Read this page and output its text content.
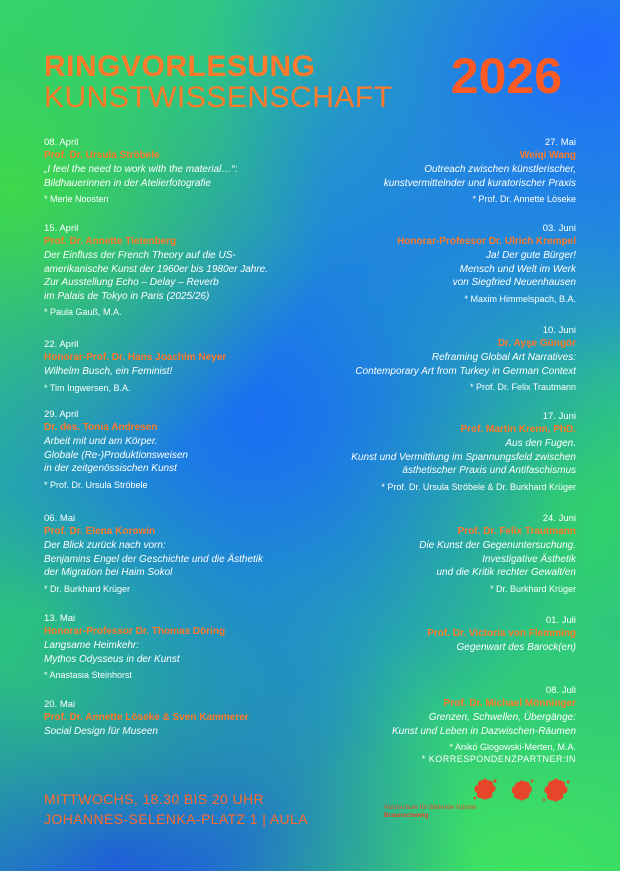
RINGVORLESUNG
KUNSTWISSENSCHAFT 2026
08. April
Prof. Dr. Ursula Ströbele
„I feel the need to work with the material…“:
Bildhauerinnen in der Atelierfotografie
* Merle Noosten
15. April
Prof. Dr. Annette Tietenberg
Der Einfluss der French Theory auf die US-
amerikanische Kunst der 1960er bis 1980er Jahre.
Zur Ausstellung Echo – Delay – Reverb
im Palais de Tokyo in Paris (2025/26)
* Paula Gauß, M.A.
22. April
Honorar-Prof. Dr. Hans Joachim Neyer
Wilhelm Busch, ein Feminist!
* Tim Ingwersen, B.A.
29. April
Dr. des. Tonia Andresen
Arbeit mit und am Körper.
Globale (Re-)Produktionsweisen
in der zeitgenössischen Kunst
* Prof. Dr. Ursula Ströbele
06. Mai
Prof. Dr. Elena Korowin
Der Blick zurück nach vorn:
Benjamins Engel der Geschichte und die Ästhetik
der Migration bei Haim Sokol
* Dr. Burkhard Krüger
13. Mai
Honorar-Professor Dr. Thomas Döring
Langsame Heimkehr:
Mythos Odysseus in der Kunst
* Anastasia Steinhorst
20. Mai
Prof. Dr. Annette Löseke & Sven Kammerer
Social Design für Museen
27. Mai
Weiqi Wang
Outreach zwischen künstlerischer,
kunstvermittelnder und kuratorischer Praxis
* Prof. Dr. Annette Löseke
03. Juni
Honorar-Professor Dr. Ulrich Krempel
Ja! Der gute Bürger!
Mensch und Welt im Werk
von Siegfried Neuenhausen
* Maxim Himmelspach, B.A.
10. Juni
Dr. Ayşe Güngör
Reframing Global Art Narratives:
Contemporary Art from Turkey in German Context
* Prof. Dr. Felix Trautmann
17. Juni
Prof. Martin Krenn, PhD.
Aus den Fugen.
Kunst und Vermittlung im Spannungsfeld zwischen
ästhetischer Praxis und Antifaschismus
* Prof. Dr. Ursula Ströbele & Dr. Burkhard Krüger
24. Juni
Prof. Dr. Felix Trautmann
Die Kunst der Gegenuntersuchung.
Investigative Ästhetik
und die Kritik rechter Gewalt/en
* Dr. Burkhard Krüger
01. Juli
Prof. Dr. Victoria von Flemming
Gegenwart des Barock(en)
08. Juli
Prof. Dr. Michael Mönninger
Grenzen, Schwellen, Übergänge:
Kunst und Leben in Dazwischen-Räumen
* Anikó Glogowski-Merten, M.A.
* KORRESPONDENZPARTNER:IN
MITTWOCHS, 18.30 BIS 20 UHR
JOHANNES-SELENKA-PLATZ 1 | AULA
Hochschule für Bildende Künste
Braunschweig
